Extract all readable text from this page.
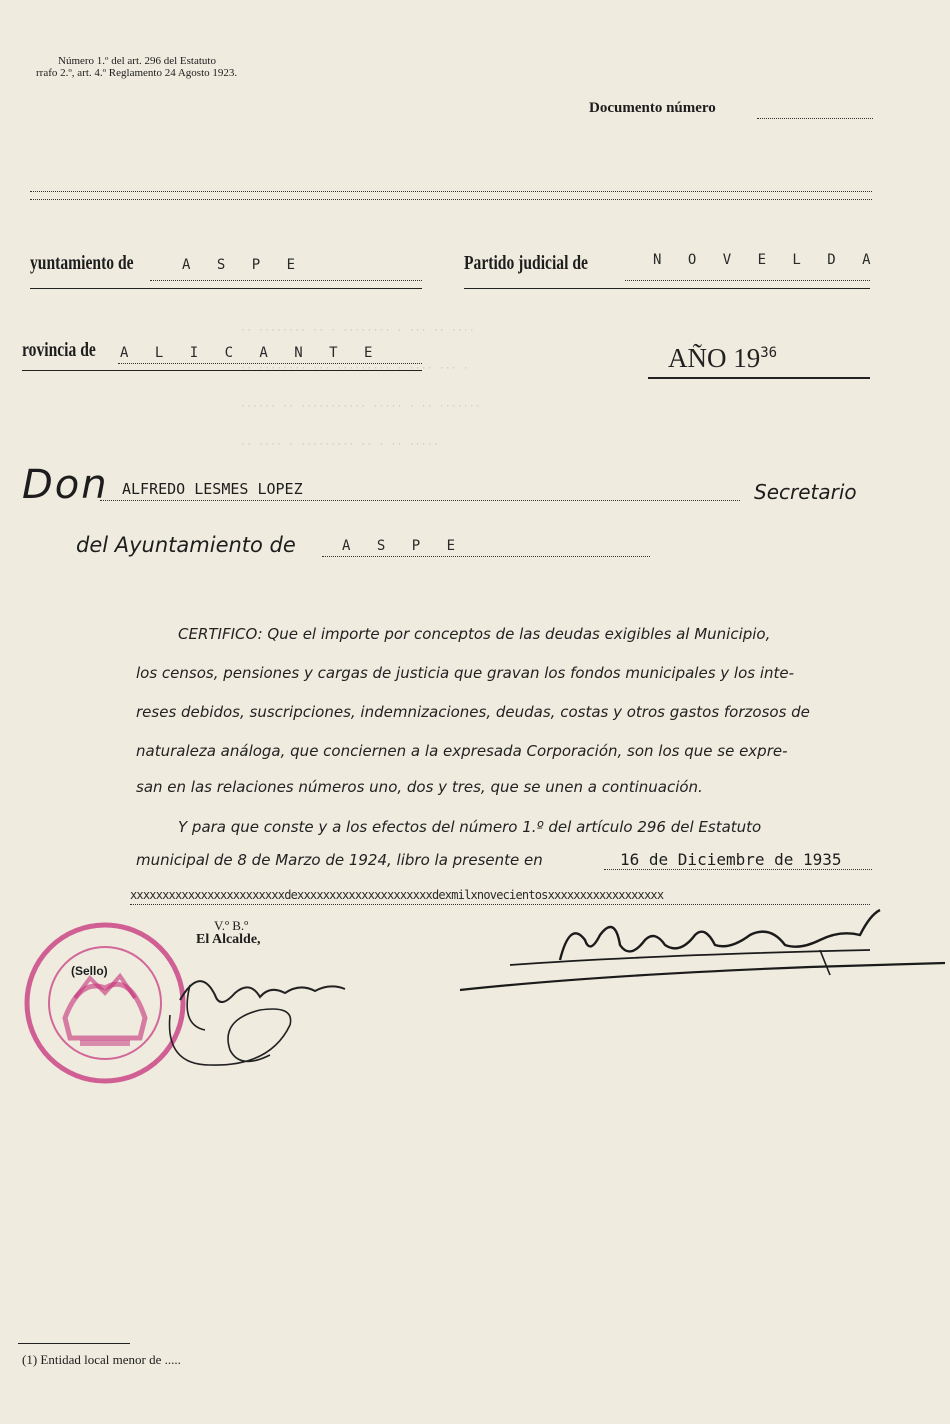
·· ········ ·· · ········ · ··· ·· ····
·· ········ ··· ········· · ···· ··· ·
······ ·· ··········· ····· · ·· ·······
·· ···· · ········· ·· · ·· ·····
Número 1.º del art. 296 del Estatuto
rrafo 2.º, art. 4.º Reglamento 24 Agosto 1923.
Documento número
yuntamiento de	A S P E	Partido judicial de	N O V E L D A
rovincia de A L I C A N T E	AÑO $19^{36}$
Don ALFREDO LESMES LOPEZ	Secretario
del Ayuntamiento de	A S P E
CERTIFICO: Que el importe por conceptos de las deudas exigibles al Municipio,
los censos, pensiones y cargas de justicia que gravan los fondos municipales y los inte-
reses debidos, suscripciones, indemnizaciones, deudas, costas y otros gastos forzosos de
naturaleza análoga, que conciernen a la expresada Corporación, son los que se expre-
san en las relaciones números uno, dos y tres, que se unen a continuación.
Y para que conste y a los efectos del número 1.º del artículo 296 del Estatuto
municipal de 8 de Marzo de 1924, libro la presente en	16 de Diciembre de 1935
xxxxxxxxxxxxxxxxxxxxxxxxdexxxxxxxxxxxxxxxxxxxxxdexmilxnovecientosxxxxxxxxxxxxxxxxxx
V.º B.º
El Alcalde,
(Sello)
(1) Entidad local menor de .....
